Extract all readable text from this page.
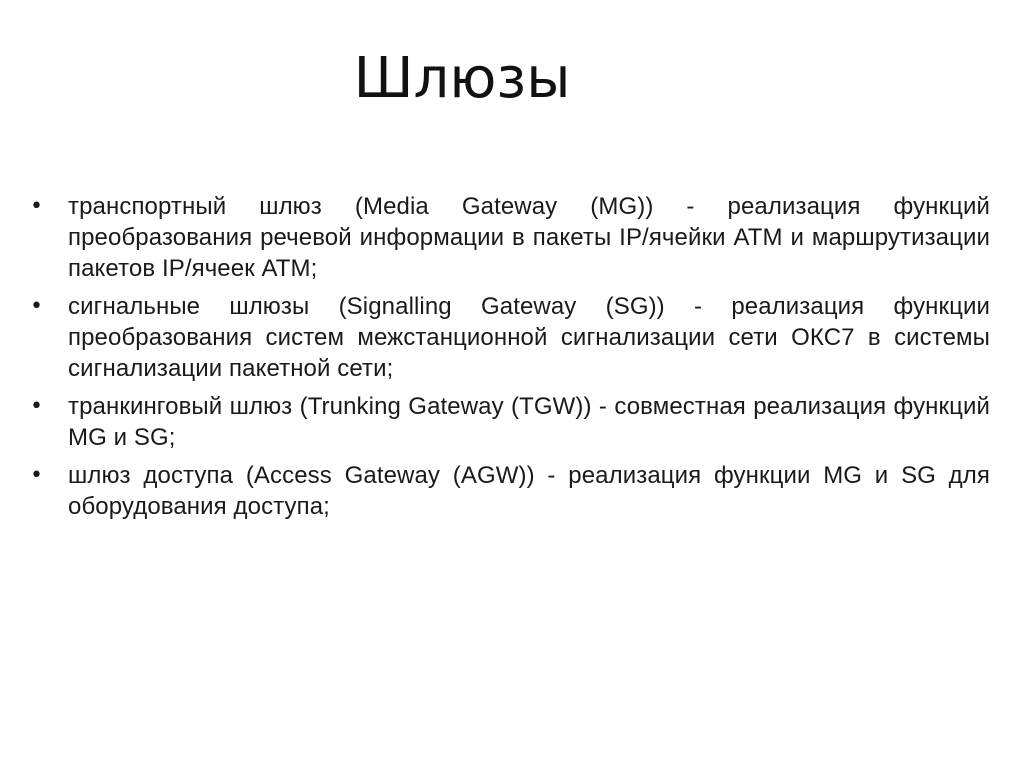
Шлюзы
•	транспортный шлюз (Media Gateway (MG)) - реализация функций преобразования речевой информации в пакеты IP/ячейки АТМ и маршрутизации пакетов IP/ячеек АТМ;
•	сигнальные шлюзы (Signalling Gateway (SG)) - реализация функции преобразования систем межстанционной сигнализации сети ОКС7 в системы сигнализации пакетной сети;
•	транкинговый шлюз (Trunking Gateway (TGW)) - совместная реализация функций MG и SG;
•	шлюз доступа (Access Gateway (AGW)) - реализация функции MG и SG для оборудования доступа;
